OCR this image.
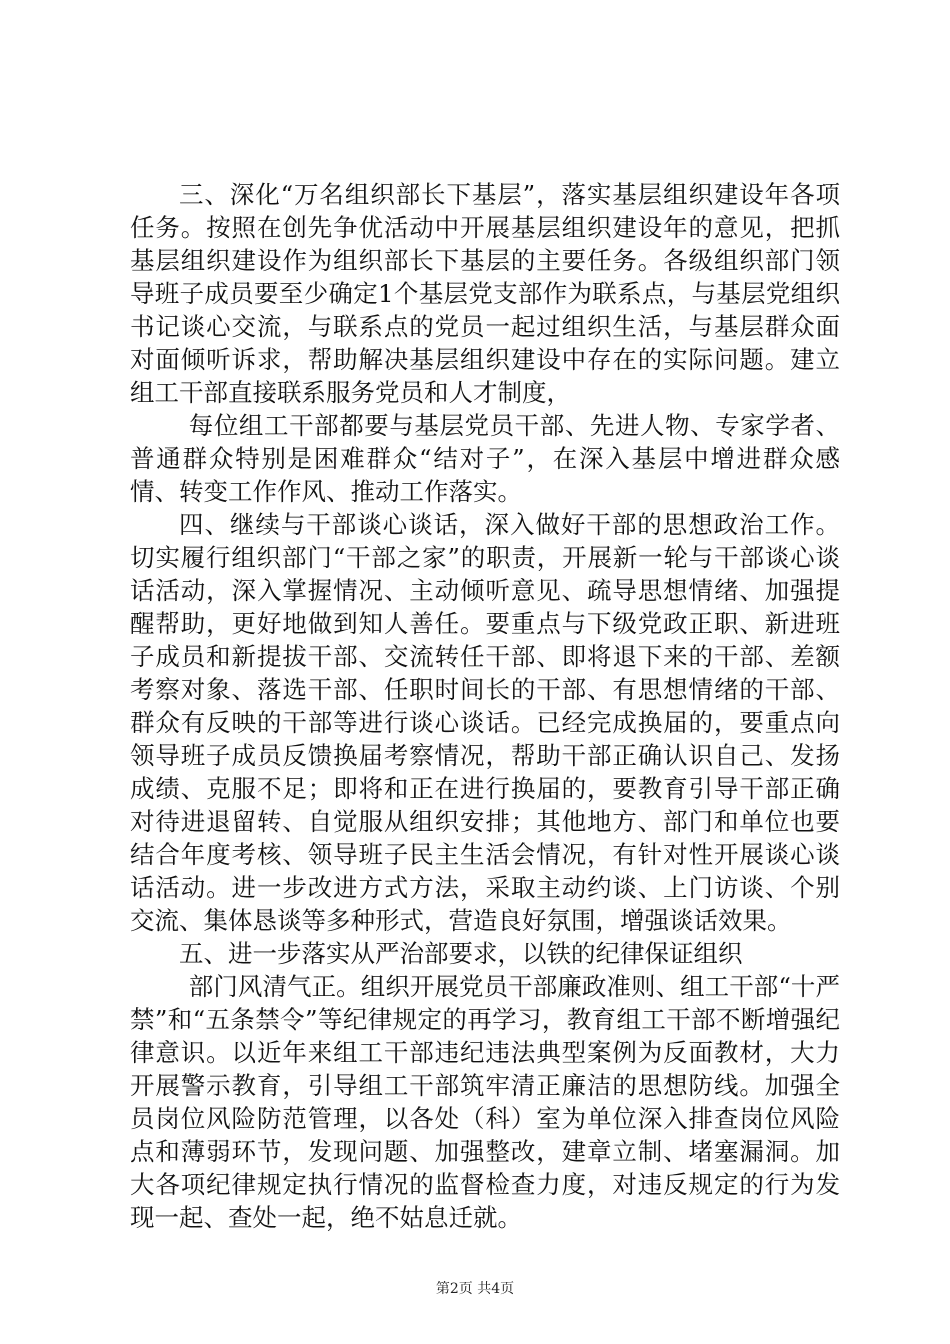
三、深化“万名组织部长下基层”，落实基层组织建设年各项任务。按照在创先争优活动中开展基层组织建设年的意见，把抓基层组织建设作为组织部长下基层的主要任务。各级组织部门领导班子成员要至少确定1个基层党支部作为联系点，与基层党组织书记谈心交流，与联系点的党员一起过组织生活，与基层群众面对面倾听诉求，帮助解决基层组织建设中存在的实际问题。建立组工干部直接联系服务党员和人才制度，

每位组工干部都要与基层党员干部、先进人物、专家学者、普通群众特别是困难群众“结对子”，在深入基层中增进群众感情、转变工作作风、推动工作落实。

四、继续与干部谈心谈话，深入做好干部的思想政治工作。切实履行组织部门“干部之家”的职责，开展新一轮与干部谈心谈话活动，深入掌握情况、主动倾听意见、疏导思想情绪、加强提醒帮助，更好地做到知人善任。要重点与下级党政正职、新进班子成员和新提拔干部、交流转任干部、即将退下来的干部、差额考察对象、落选干部、任职时间长的干部、有思想情绪的干部、群众有反映的干部等进行谈心谈话。已经完成换届的，要重点向领导班子成员反馈换届考察情况，帮助干部正确认识自己、发扬成绩、克服不足；即将和正在进行换届的，要教育引导干部正确对待进退留转、自觉服从组织安排；其他地方、部门和单位也要结合年度考核、领导班子民主生活会情况，有针对性开展谈心谈话活动。进一步改进方式方法，采取主动约谈、上门访谈、个别交流、集体恳谈等多种形式，营造良好氛围，增强谈话效果。

五、进一步落实从严治部要求，以铁的纪律保证组织

部门风清气正。组织开展党员干部廉政准则、组工干部“十严禁”和“五条禁令”等纪律规定的再学习，教育组工干部不断增强纪律意识。以近年来组工干部违纪违法典型案例为反面教材，大力开展警示教育，引导组工干部筑牢清正廉洁的思想防线。加强全员岗位风险防范管理，以各处（科）室为单位深入排查岗位风险点和薄弱环节，发现问题、加强整改，建章立制、堵塞漏洞。加大各项纪律规定执行情况的监督检查力度，对违反规定的行为发现一起、查处一起，绝不姑息迁就。

第2页 共4页
